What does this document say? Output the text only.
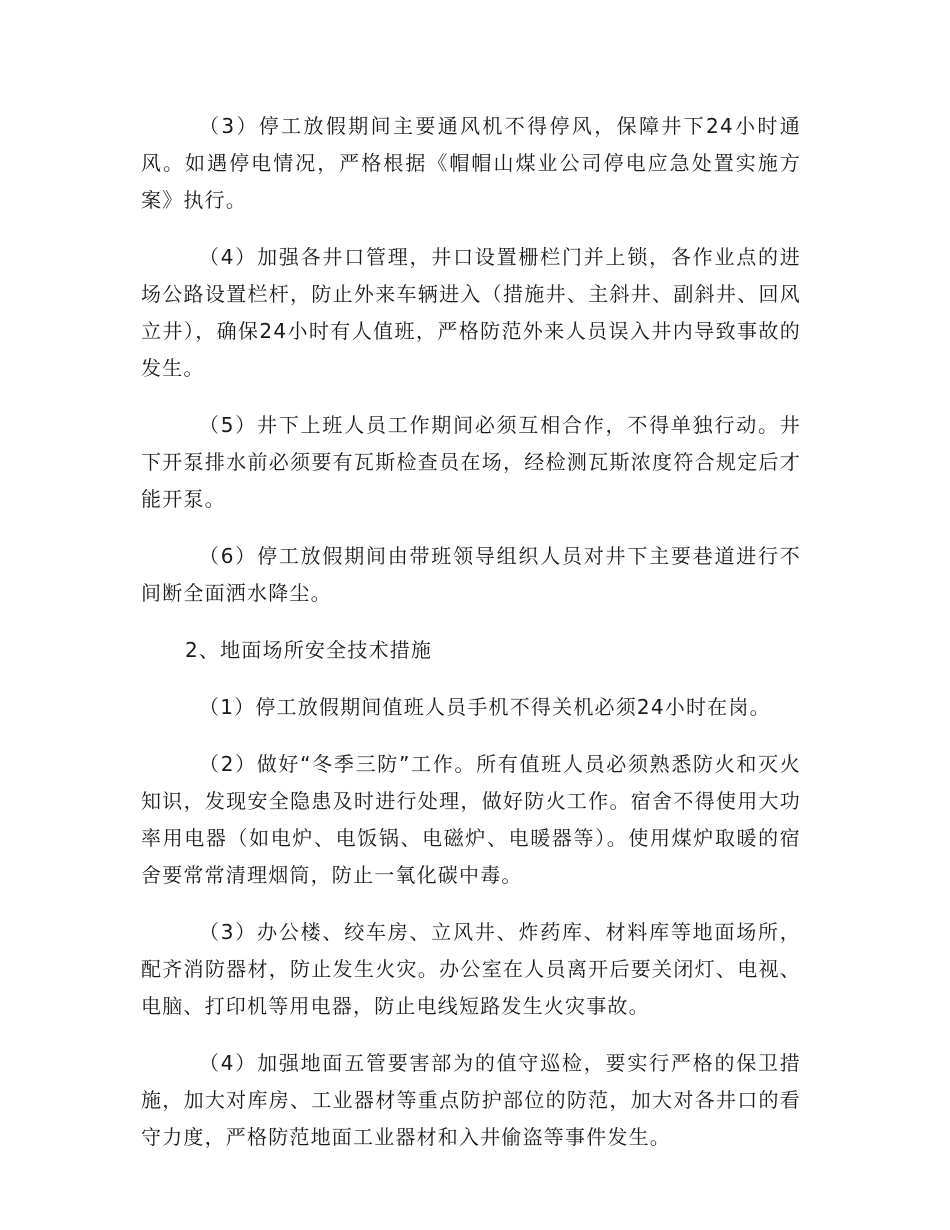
（3）停工放假期间主要通风机不得停风，保障井下24小时通风。如遇停电情况，严格根据《帽帽山煤业公司停电应急处置实施方案》执行。

（4）加强各井口管理，井口设置栅栏门并上锁，各作业点的进场公路设置栏杆，防止外来车辆进入（措施井、主斜井、副斜井、回风立井），确保24小时有人值班，严格防范外来人员误入井内导致事故的发生。

（5）井下上班人员工作期间必须互相合作，不得单独行动。井下开泵排水前必须要有瓦斯检查员在场，经检测瓦斯浓度符合规定后才能开泵。

（6）停工放假期间由带班领导组织人员对井下主要巷道进行不间断全面洒水降尘。

2、地面场所安全技术措施

（1）停工放假期间值班人员手机不得关机必须24小时在岗。

（2）做好“冬季三防”工作。所有值班人员必须熟悉防火和灭火知识，发现安全隐患及时进行处理，做好防火工作。宿舍不得使用大功率用电器（如电炉、电饭锅、电磁炉、电暖器等）。使用煤炉取暖的宿舍要常常清理烟筒，防止一氧化碳中毒。

（3）办公楼、绞车房、立风井、炸药库、材料库等地面场所，配齐消防器材，防止发生火灾。办公室在人员离开后要关闭灯、电视、电脑、打印机等用电器，防止电线短路发生火灾事故。

（4）加强地面五管要害部为的值守巡检，要实行严格的保卫措施，加大对库房、工业器材等重点防护部位的防范，加大对各井口的看守力度，严格防范地面工业器材和入井偷盗等事件发生。
